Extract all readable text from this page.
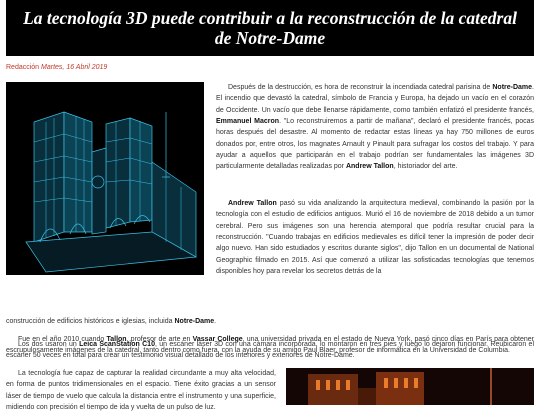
La tecnología 3D puede contribuir a la reconstrucción de la catedral de Notre-Dame
Redacción Martes, 16 Abril 2019

Después de la destrucción, es hora de reconstruir la incendiada catedral parisina de Notre-Dame. El incendio que devastó la catedral, símbolo de Francia y Europa, ha dejado un vacío en el corazón de Occidente. Un vacío que debe llenarse rápidamente, como también enfatizó el presidente francés, Emmanuel Macron. "Lo reconstruiremos a partir de mañana", declaró el presidente francés, pocas horas después del desastre. Al momento de redactar estas líneas ya hay 750 millones de euros donados por, entre otros, los magnates Arnault y Pinault para sufragar los costos del trabajo. Y para ayudar a aquellos que participarán en el trabajo podrían ser fundamentales las imágenes 3D particularmente detalladas realizadas por Andrew Tallon, historiador del arte.

Andrew Tallon pasó su vida analizando la arquitectura medieval, combinando la pasión por la tecnología con el estudio de edificios antiguos. Murió el 16 de noviembre de 2018 debido a un tumor cerebral. Pero sus imágenes son una herencia atemporal que podría resultar crucial para la reconstrucción. "Cuando trabajas en edificios medievales es difícil tener la impresión de poder decir algo nuevo. Han sido estudiados y escritos durante siglos", dijo Tallon en un documental de National Geographic filmado en 2015. Así que comenzó a utilizar las sofisticadas tecnologías que tenemos disponibles hoy para revelar los secretos detrás de la

construcción de edificios históricos e iglesias, incluida Notre-Dame.

Fue en el año 2010 cuando Tallon, profesor de arte en Vassar College, una universidad privada en el estado de Nueva York, pasó cinco días en París para obtener escrupulosamente imágenes de la catedral, tanto dentro como fuera, con la ayuda de su amigo Paul Blaer, profesor de informática en la Universidad de Columbia.

Los dos usaron un Leica ScanStation C10, un escáner láser 3D con una cámara incorporada, lo montaron en tres pies y luego lo dejaron funcionar. Reubicaron el escáner 50 veces en total para crear un testimonio visual detallado de los interiores y exteriores de Notre-Dame.

La tecnología fue capaz de capturar la realidad circundante a muy alta velocidad, en forma de puntos tridimensionales en el espacio. Tiene éxito gracias a un sensor láser de tiempo de vuelo que calcula la distancia entre el instrumento y una superficie, midiendo con precisión el tiempo de ida y vuelta de un pulso de luz.
